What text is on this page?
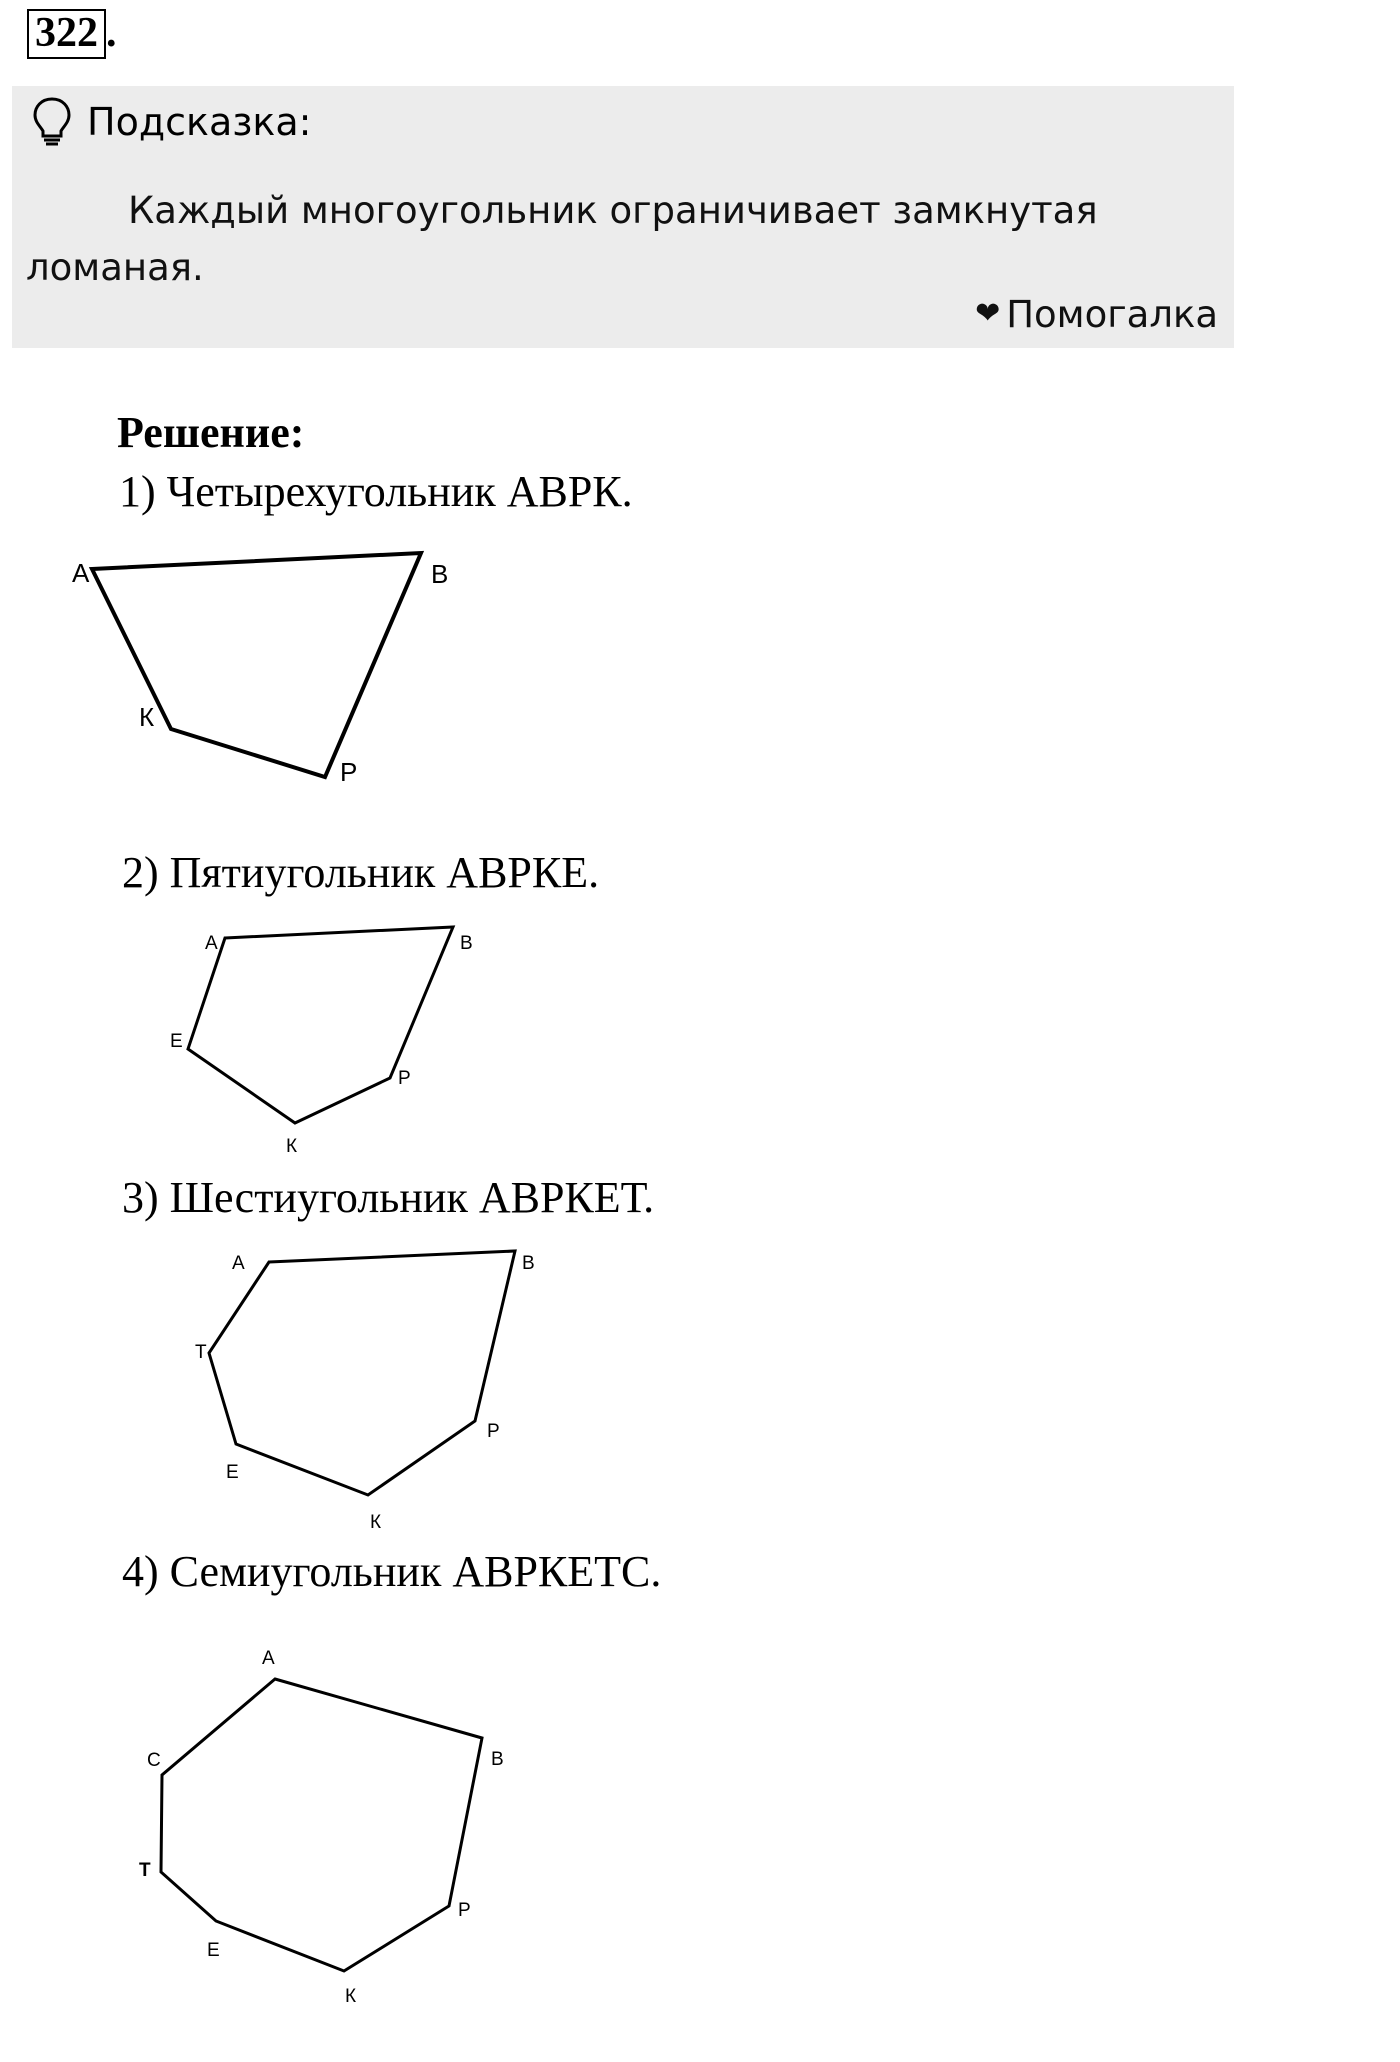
322 .
Подсказка:
Каждый многоугольник ограничивает замкнутая ломаная.
❤ Помогалка
Решение:
1) Четырехугольник АВРК.
2) Пятиугольник АВРКЕ.
3) Шестиугольник АВРКЕТ.
4) Семиугольник АВРКЕТС.
А	В
Р
К
А	В
Р
К
Е
А	В
Р
К
Е
Т
А
В
Р
К
Е
Т
С
